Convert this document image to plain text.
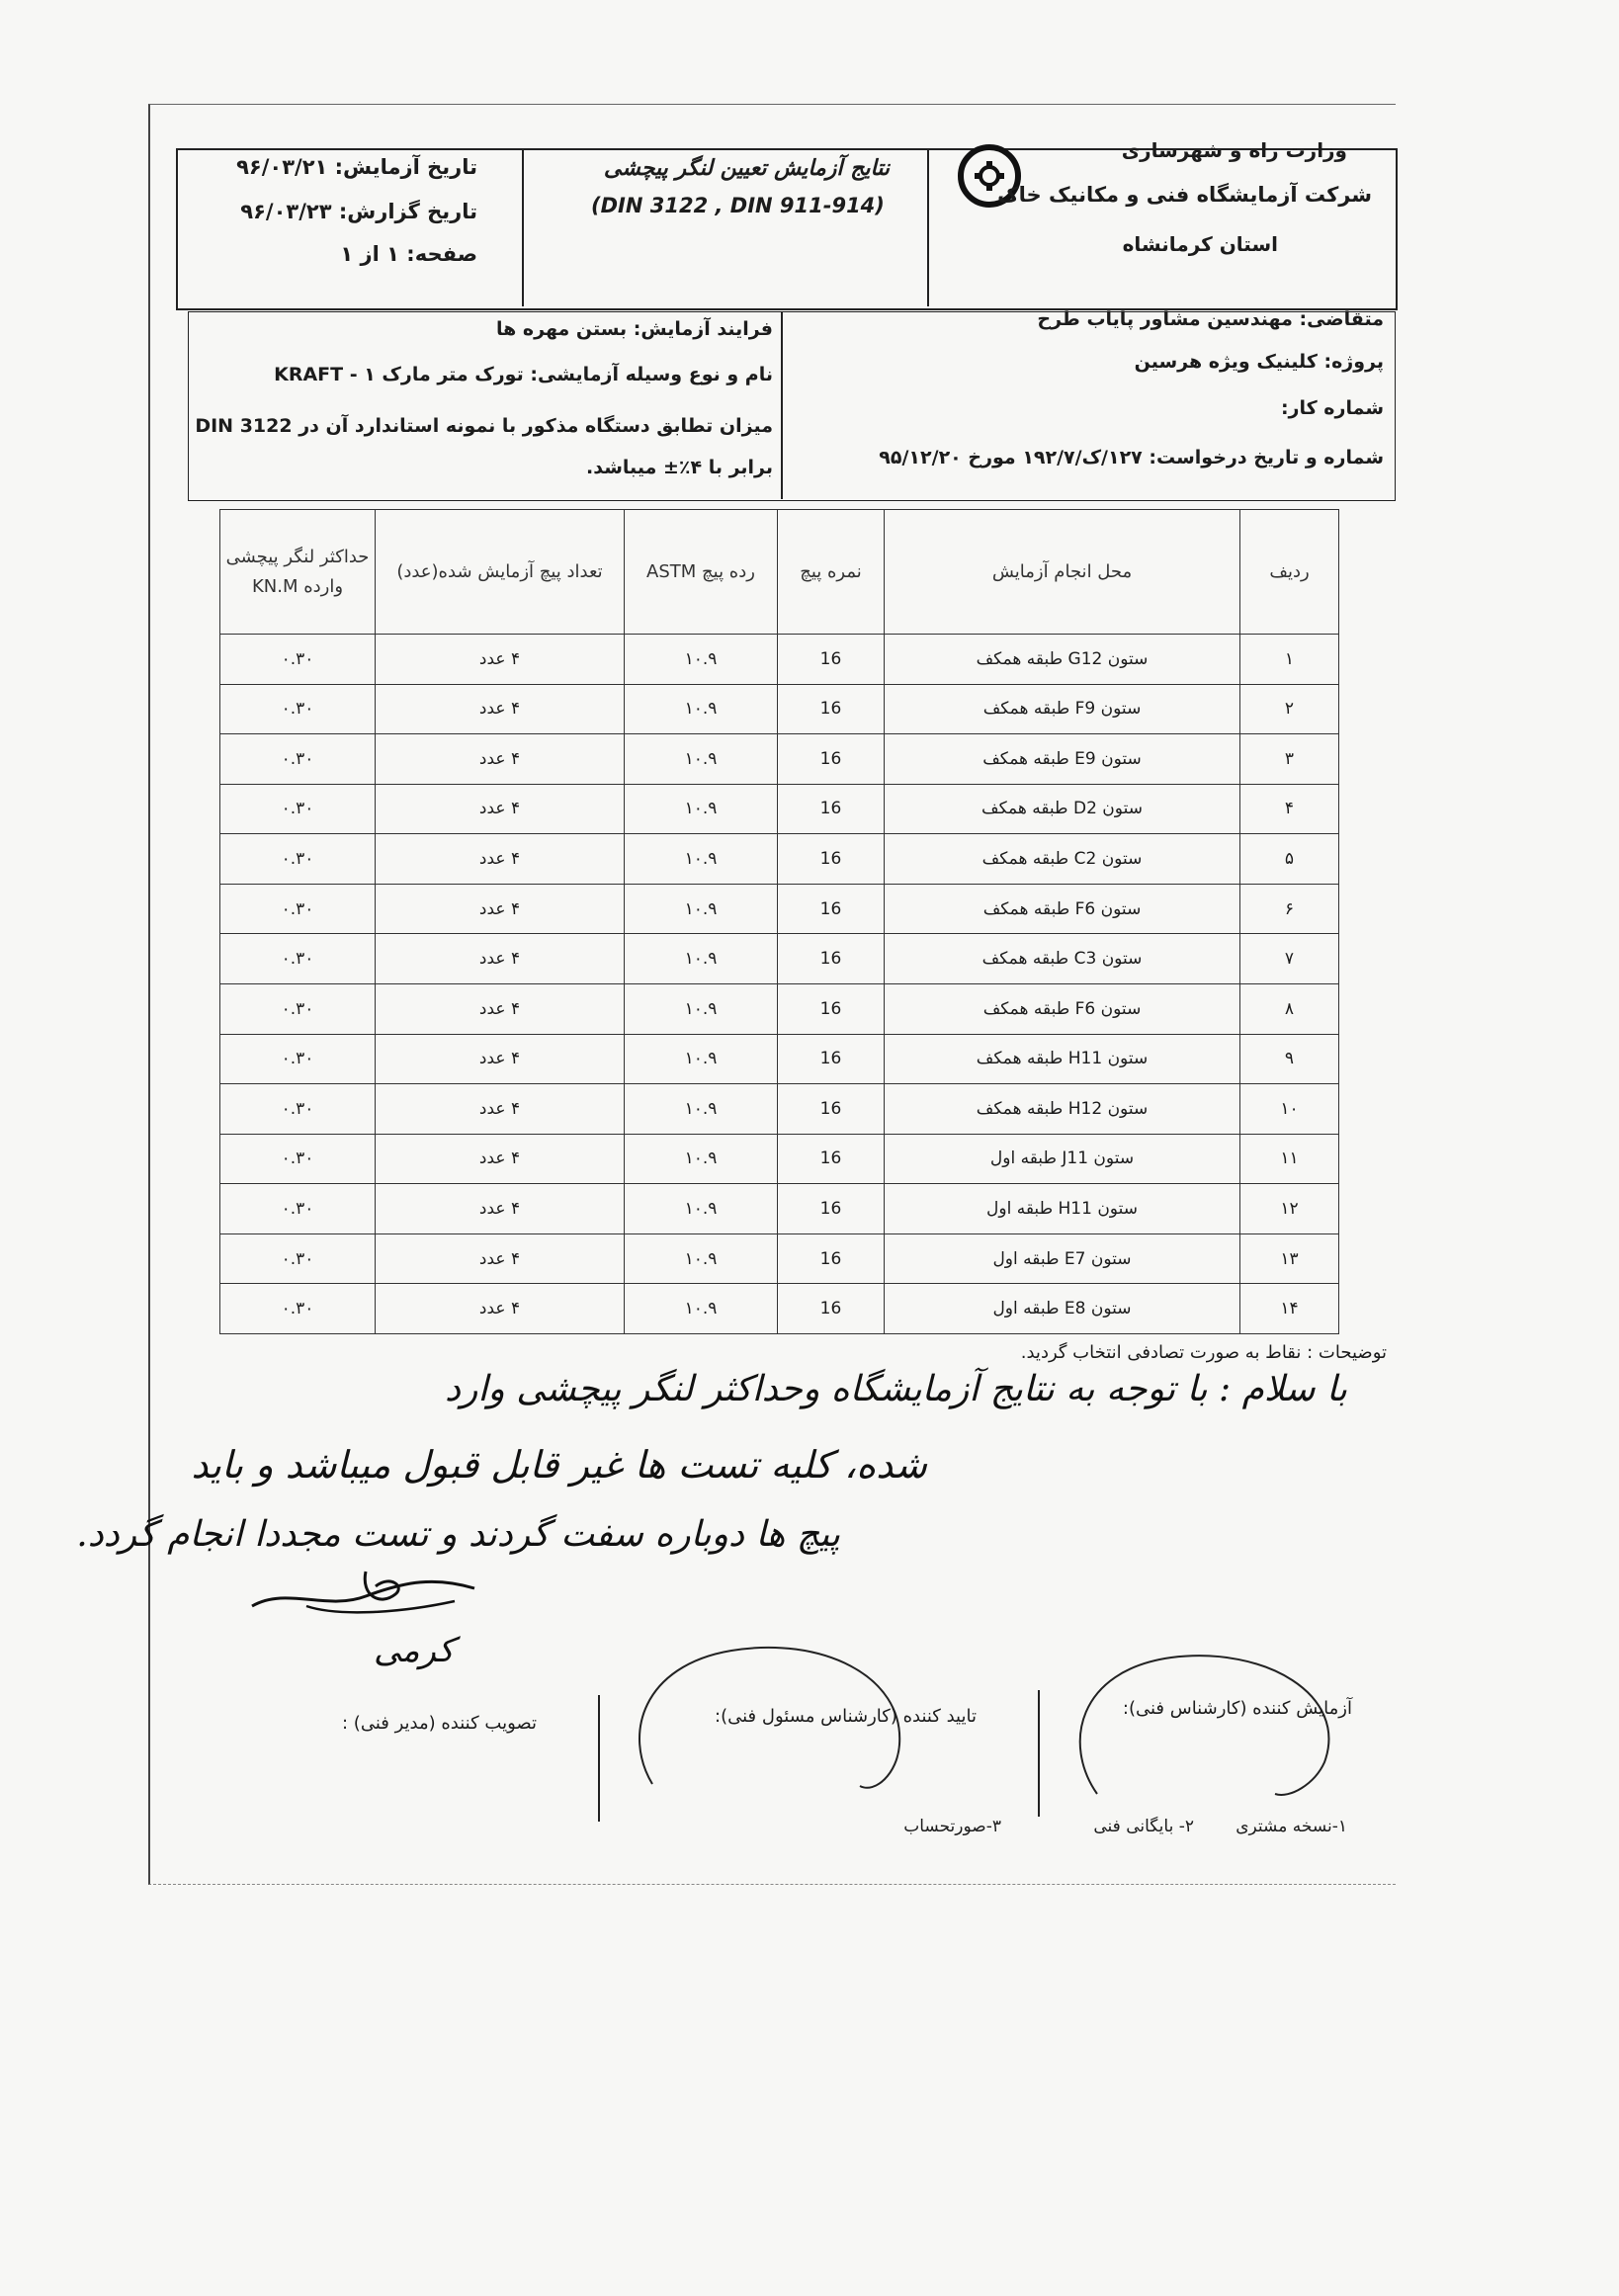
وزارت راه و شهرسازی
شرکت آزمایشگاه فنی و مکانیک خاک
استان کرمانشاه
نتایج آزمایش تعیین لنگر پیچشی
(DIN 3122 , DIN 911-914)
تاریخ آزمایش: ۹۶/۰۳/۲۱
تاریخ گزارش: ۹۶/۰۳/۲۳
صفحه: ۱ از ۱
متقاضی: مهندسین مشاور پایاب طرح
پروژه: کلینیک ویژه هرسین
شماره کار:
شماره و تاریخ درخواست: ۱۲۷/ک/۱۹۲/۷ مورخ ۹۵/۱۲/۲۰
فرایند آزمایش: بستن مهره ها
نام و نوع وسیله آزمایشی: تورک متر مارک KRAFT - ۱
میزان تطابق دستگاه مذکور با نمونه استاندارد آن در DIN 3122
برابر با ۴٪± میباشد.
ردیف	محل انجام آزمایش	نمره پیچ	رده پیچ ASTM	تعداد پیچ آزمایش شده(عدد)	حداکثر لنگر پیچشی وارده KN.M
۱	ستون G12 طبقه همکف	16	۱۰.۹	۴ عدد	۰.۳۰
۲	ستون F9 طبقه همکف	16	۱۰.۹	۴ عدد	۰.۳۰
۳	ستون E9 طبقه همکف	16	۱۰.۹	۴ عدد	۰.۳۰
۴	ستون D2 طبقه همکف	16	۱۰.۹	۴ عدد	۰.۳۰
۵	ستون C2 طبقه همکف	16	۱۰.۹	۴ عدد	۰.۳۰
۶	ستون F6 طبقه همکف	16	۱۰.۹	۴ عدد	۰.۳۰
۷	ستون C3 طبقه همکف	16	۱۰.۹	۴ عدد	۰.۳۰
۸	ستون F6 طبقه همکف	16	۱۰.۹	۴ عدد	۰.۳۰
۹	ستون H11 طبقه همکف	16	۱۰.۹	۴ عدد	۰.۳۰
۱۰	ستون H12 طبقه همکف	16	۱۰.۹	۴ عدد	۰.۳۰
۱۱	ستون J11 طبقه اول	16	۱۰.۹	۴ عدد	۰.۳۰
۱۲	ستون H11 طبقه اول	16	۱۰.۹	۴ عدد	۰.۳۰
۱۳	ستون E7 طبقه اول	16	۱۰.۹	۴ عدد	۰.۳۰
۱۴	ستون E8 طبقه اول	16	۱۰.۹	۴ عدد	۰.۳۰
توضیحات : نقاط به صورت تصادفی انتخاب گردید.
با سلام : با توجه به نتایج آزمایشگاه وحداکثر لنگر پیچشی وارد
شده، کلیه تست ها غیر قابل قبول میباشد و باید
پیچ ها دوباره سفت گردند و تست مجددا انجام گردد.
کرمی
آزمایش کننده (کارشناس فنی):
تایید کننده (کارشناس مسئول فنی):
تصویب کننده (مدیر فنی) :
۱-نسخه مشتری
۲- بایگانی فنی
۳-صورتحساب
